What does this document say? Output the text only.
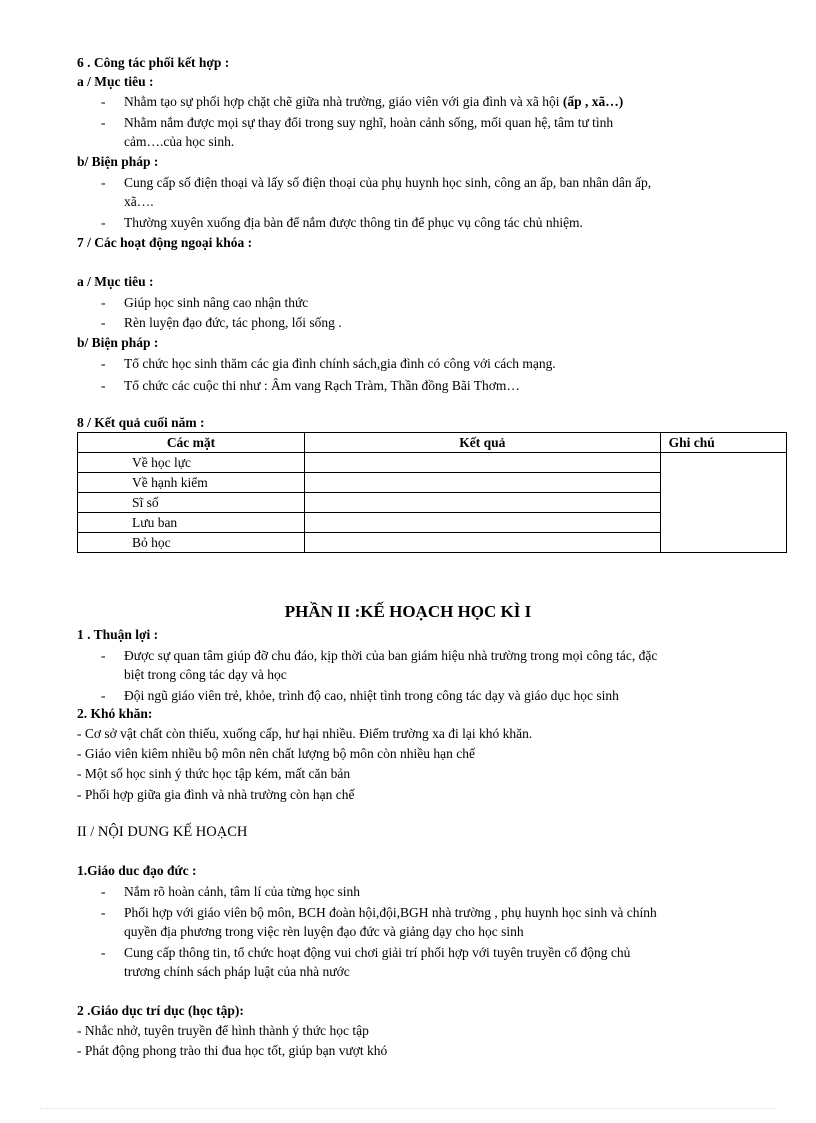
6 . Công tác phối kết hợp :
a / Mục tiêu :
- Nhằm tạo sự phối hợp chặt chẽ giữa nhà trường, giáo viên với gia đình và xã hội (ấp , xã…)
- Nhằm nắm được mọi sự thay đổi trong suy nghĩ, hoàn cảnh sống, mối quan hệ, tâm tư tình
cảm….của học sinh.
b/ Biện pháp :
- Cung cấp số điện thoại và lấy số điện thoại của phụ huynh học sinh, công an ấp, ban nhân dân ấp,
xã….
- Thường xuyên xuống địa bàn để nắm được thông tin để phục vụ công tác chủ nhiệm.
7 / Các hoạt động ngoại khóa :
a / Mục tiêu :
- Giúp học sinh nâng cao nhận thức
- Rèn luyện đạo đức, tác phong, lối sống .
b/ Biện pháp :
- Tổ chức học sinh thăm các gia đình chính sách,gia đình có công với cách mạng.
- Tổ chức các cuộc thi như : Âm vang Rạch Tràm, Thần đồng Bãi Thơm…
8 / Kết quả cuối năm :
Các mặt	Kết quả	Ghi chú
Về học lực		
Về hạnh kiểm		
Sĩ số		
Lưu ban		
Bỏ học		
PHẦN II :KẾ HOẠCH HỌC KÌ I
1 . Thuận lợi :
- Được sự quan tâm giúp đỡ chu đáo, kịp thời của ban giám hiệu nhà trường trong mọi công tác, đặc
biệt trong công tác dạy và học
- Đội ngũ giáo viên trẻ, khỏe, trình độ cao, nhiệt tình trong công tác dạy và giáo dục học sinh
2. Khó khăn:
- Cơ sở vật chất còn thiếu, xuống cấp, hư hại nhiều. Điểm trường xa đi lại khó khăn.
- Giáo viên kiêm nhiều bộ môn nên chất lượng bộ môn còn nhiều hạn chế
- Một số học sinh ý thức học tập kém, mất căn bản
- Phối hợp giữa gia đình và nhà trường còn hạn chế
II / NỘI DUNG KẾ HOẠCH
1.Giáo duc đạo đức :
- Nắm rõ hoàn cảnh, tâm lí của từng học sinh
- Phối hợp với giáo viên bộ môn, BCH đoàn hội,đội,BGH nhà trường , phụ huynh học sinh và chính
quyền địa phương trong việc rèn luyện đạo đức và giảng dạy cho học sinh
- Cung cấp thông tin, tổ chức hoạt động vui chơi giải trí phối hợp với tuyên truyền cổ động chủ
trương chính sách pháp luật của nhà nước
2 .Giáo dục trí dục (học tập):
- Nhắc nhở, tuyên truyền để hình thành ý thức học tập
- Phát động phong trào thi đua học tốt, giúp bạn vượt khó
